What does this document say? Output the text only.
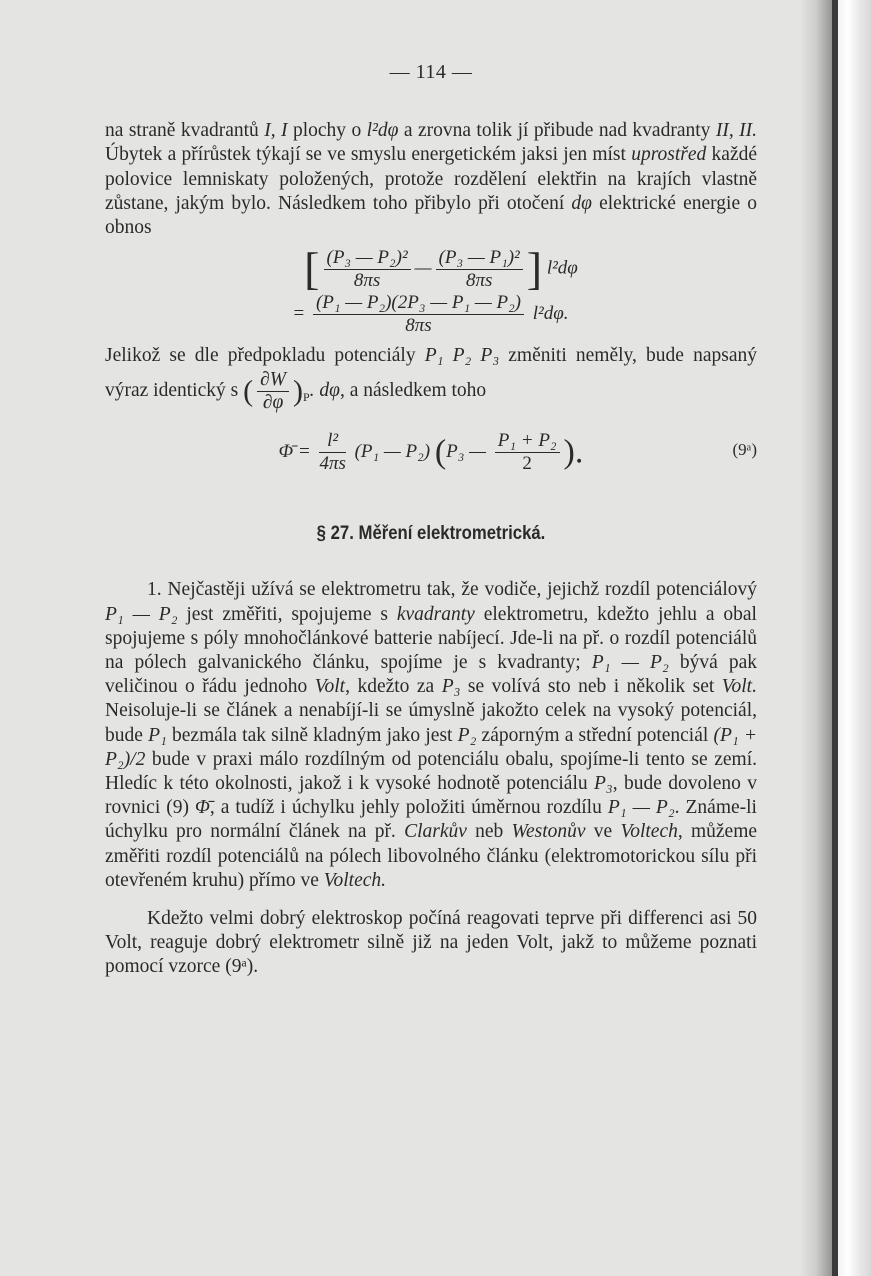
— 114 —

na straně kvadrantů I, I plochy o l²dφ a zrovna tolik jí přibude nad kvadranty II, II. Úbytek a přírůstek týkají se ve smyslu energetickém jaksi jen míst uprostřed každé polovice lemniskaty položených, protože rozdělení elektřin na krajích vlastně zůstane, jakým bylo. Následkem toho přibylo při otočení dφ elektrické energie o obnos

[ $\frac{\text{(P₃ — P₂)²}}{8\pi s}$ — $\frac{\text{(P₃ — P₁)²}}{8\pi s}$ ] l²dφ
= $\frac{\text{(P₁ — P₂)(2P₃ — P₁ — P₂)}}{8\pi s} l^2d\varphi$.

Jelikož se dle předpokladu potenciály P₁ P₂ P₃ změniti neměly, bude napsaný výraz identický s ( $\frac{\partial W}{\partial\varphi} )_P$. dφ, a následkem toho

Φ̄ = $\frac{\text{l²}}{4\pi s} (P_1$ — P₂) (P₃ — $\frac{\text{P₁ + P₂}}{2}$ ).	(9ᵃ)
§ 27. Měření elektrometrická.

1. Nejčastěji užívá se elektrometru tak, že vodiče, jejichž rozdíl potenciálový P₁ — P₂ jest změřiti, spojujeme s kvadranty elektrometru, kdežto jehlu a obal spojujeme s póly mnohočlánkové batterie nabíjecí. Jde-li na př. o rozdíl potenciálů na pólech galvanického článku, spojíme je s kvadranty; P₁ — P₂ bývá pak veličinou o řádu jednoho Volt, kdežto za P₃ se volívá sto neb i několik set Volt. Neisoluje-li se článek a nenabíjí-li se úmyslně jakožto celek na vysoký potenciál, bude P₁ bezmála tak silně kladným jako jest P₂ záporným a střední potenciál (P₁ + P₂)/2 bude v praxi málo rozdílným od potenciálu obalu, spojíme-li tento se zemí. Hledíc k této okolnosti, jakož i k vysoké hodnotě potenciálu P₃, bude dovoleno v rovnici (9) Φ̄, a tudíž i úchylku jehly položiti úměrnou rozdílu P₁ — P₂. Známe-li úchylku pro normální článek na př. Clarkův neb Westonův ve Voltech, můžeme změřiti rozdíl potenciálů na pólech libovolného článku (elektromotorickou sílu při otevřeném kruhu) přímo ve Voltech.

Kdežto velmi dobrý elektroskop počíná reagovati teprve při differenci asi 50 Volt, reaguje dobrý elektrometr silně již na jeden Volt, jakž to můžeme poznati pomocí vzorce (9ᵃ).
